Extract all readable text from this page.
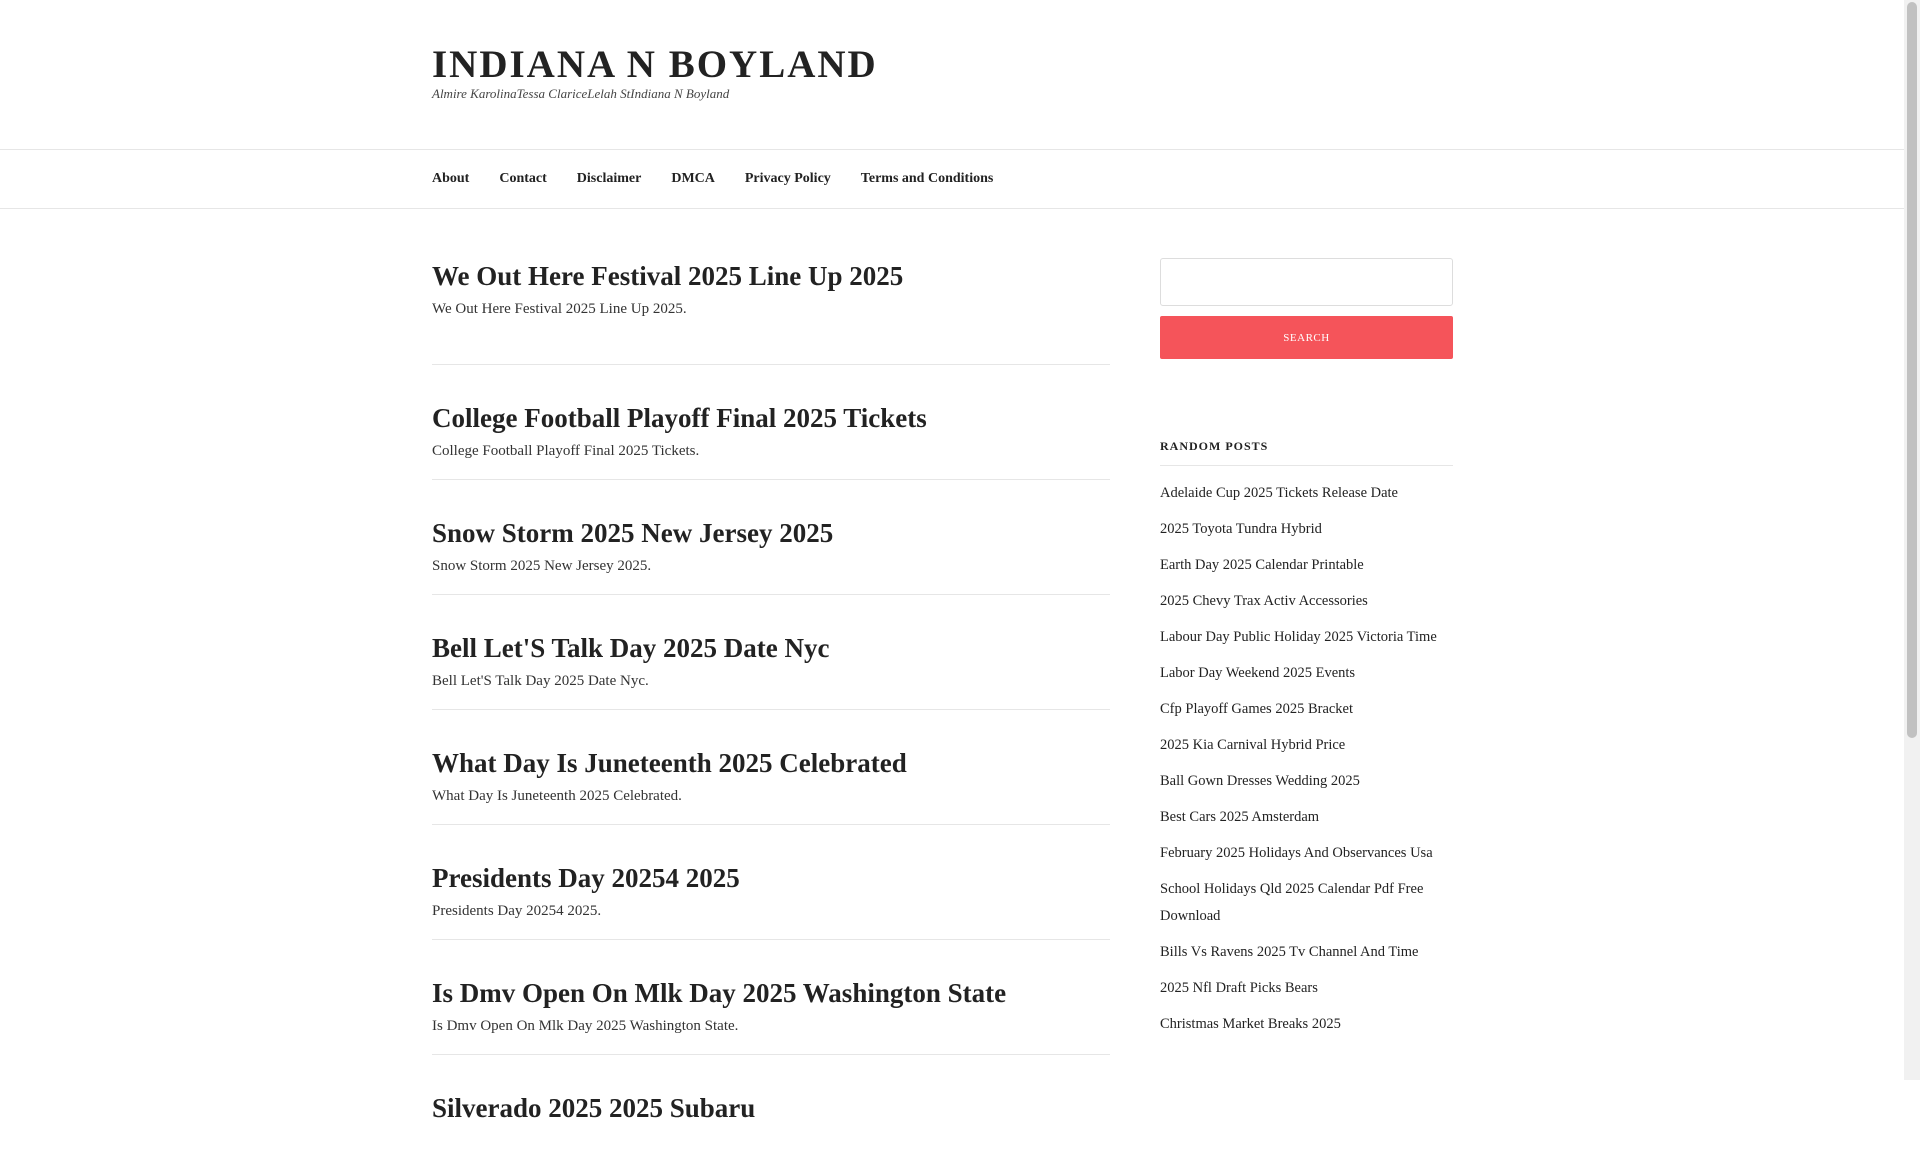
INDIANA N BOYLAND
Almire KarolinaTessa ClariceLelah StIndiana N Boyland
About Contact Disclaimer DMCA Privacy Policy Terms and Conditions
We Out Here Festival 2025 Line Up 2025

We Out Here Festival 2025 Line Up 2025.

College Football Playoff Final 2025 Tickets

College Football Playoff Final 2025 Tickets.

Snow Storm 2025 New Jersey 2025

Snow Storm 2025 New Jersey 2025.

Bell Let'S Talk Day 2025 Date Nyc

Bell Let'S Talk Day 2025 Date Nyc.

What Day Is Juneteenth 2025 Celebrated

What Day Is Juneteenth 2025 Celebrated.

Presidents Day 20254 2025

Presidents Day 20254 2025.

Is Dmv Open On Mlk Day 2025 Washington State

Is Dmv Open On Mlk Day 2025 Washington State.

Silverado 2025 2025 Subaru

SEARCH
RANDOM POSTS
Adelaide Cup 2025 Tickets Release Date
2025 Toyota Tundra Hybrid
Earth Day 2025 Calendar Printable
2025 Chevy Trax Activ Accessories
Labour Day Public Holiday 2025 Victoria Time
Labor Day Weekend 2025 Events
Cfp Playoff Games 2025 Bracket
2025 Kia Carnival Hybrid Price
Ball Gown Dresses Wedding 2025
Best Cars 2025 Amsterdam
February 2025 Holidays And Observances Usa
School Holidays Qld 2025 Calendar Pdf Free Download
Bills Vs Ravens 2025 Tv Channel And Time
2025 Nfl Draft Picks Bears
Christmas Market Breaks 2025
